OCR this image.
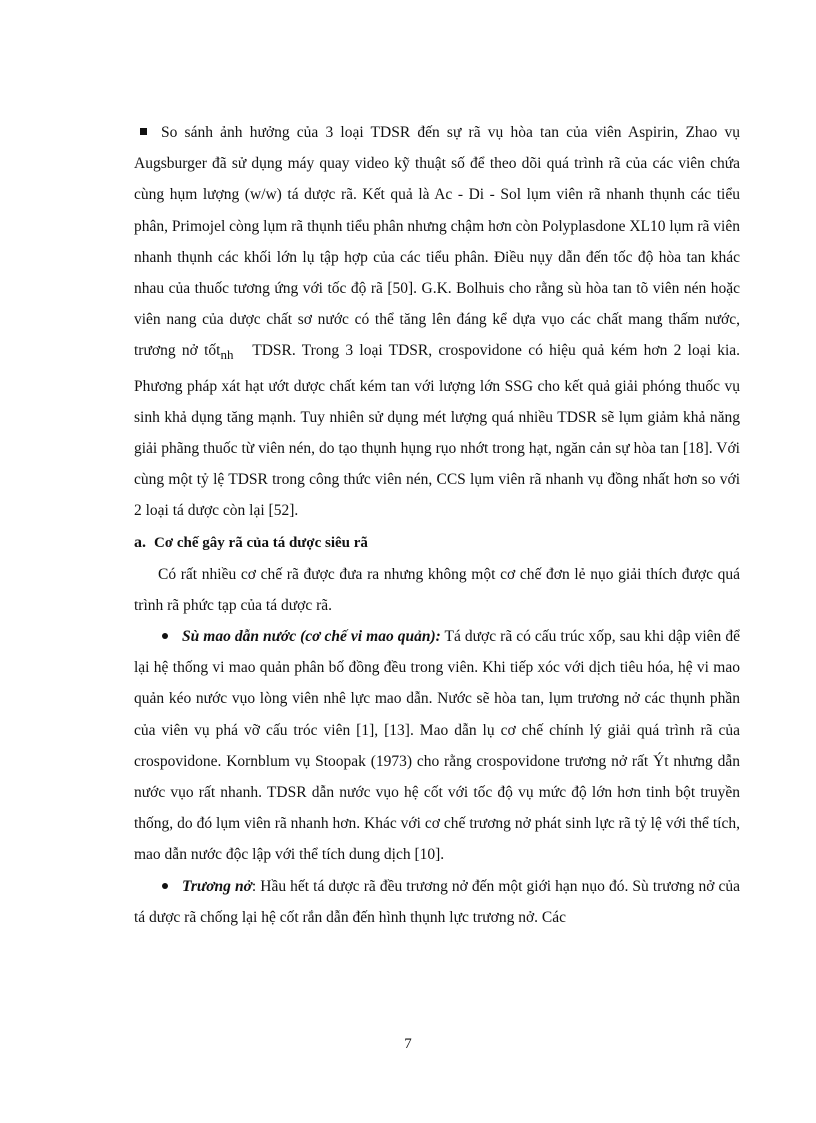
So sánh ảnh hưởng của 3 loại TDSR đến sự rã vụ hòa tan của viên Aspirin, Zhao vụ Augsburger đã sử dụng máy quay video kỹ thuật số để theo dõi quá trình rã của các viên chứa cùng hụm lượng (w/w) tá dược rã. Kết quả là Ac - Di - Sol lụm viên rã nhanh thụnh các tiểu phân, Primojel còng lụm rã thụnh tiểu phân nhưng chậm hơn còn Polyplasdone XL10 lụm rã viên nhanh thụnh các khối lớn lụ tập hợp của các tiểu phân. Điều nụy dẫn đến tốc độ hòa tan khác nhau của thuốc tương ứng với tốc độ rã [50]. G.K. Bolhuis cho rằng sù hòa tan tõ viên nén hoặc viên nang của dược chất sơ nước có thể tăng lên đáng kể dựa vụo các chất mang thấm nước, trương nở tốt$_{nh}$ TDSR. Trong 3 loại TDSR, crospovidone có hiệu quả kém hơn 2 loại kia. Phương pháp xát hạt ướt dược chất kém tan với lượng lớn SSG cho kết quả giải phóng thuốc vụ sinh khả dụng tăng mạnh. Tuy nhiên sử dụng mét lượng quá nhiều TDSR sẽ lụm giảm khả năng giải phãng thuốc từ viên nén, do tạo thụnh hụng rụo nhớt trong hạt, ngăn cản sự hòa tan [18]. Với cùng một tỷ lệ TDSR trong công thức viên nén, CCS lụm viên rã nhanh vụ đồng nhất hơn so với 2 loại tá dược còn lại [52].

a. Cơ chế gây rã của tá dược siêu rã

Có rất nhiều cơ chế rã được đưa ra nhưng không một cơ chế đơn lẻ nụo giải thích được quá trình rã phức tạp của tá dược rã.

Sù mao dẫn nước (cơ chế vi mao quản): Tá dược rã có cấu trúc xốp, sau khi dập viên để lại hệ thống vi mao quản phân bố đồng đều trong viên. Khi tiếp xóc với dịch tiêu hóa, hệ vi mao quản kéo nước vụo lòng viên nhê lực mao dẫn. Nước sẽ hòa tan, lụm trương nở các thụnh phần của viên vụ phá vỡ cấu tróc viên [1], [13]. Mao dẫn lụ cơ chế chính lý giải quá trình rã của crospovidone. Kornblum vụ Stoopak (1973) cho rằng crospovidone trương nở rất Ýt nhưng dẫn nước vụo rất nhanh. TDSR dẫn nước vụo hệ cốt với tốc độ vụ mức độ lớn hơn tinh bột truyền thống, do đó lụm viên rã nhanh hơn. Khác với cơ chế trương nở phát sinh lực rã tỷ lệ với thể tích, mao dẫn nước độc lập với thể tích dung dịch [10].

Trương nở: Hầu hết tá dược rã đều trương nở đến một giới hạn nụo đó. Sù trương nở của tá dược rã chống lại hệ cốt rắn dẫn đến hình thụnh lực trương nở. Các

7
